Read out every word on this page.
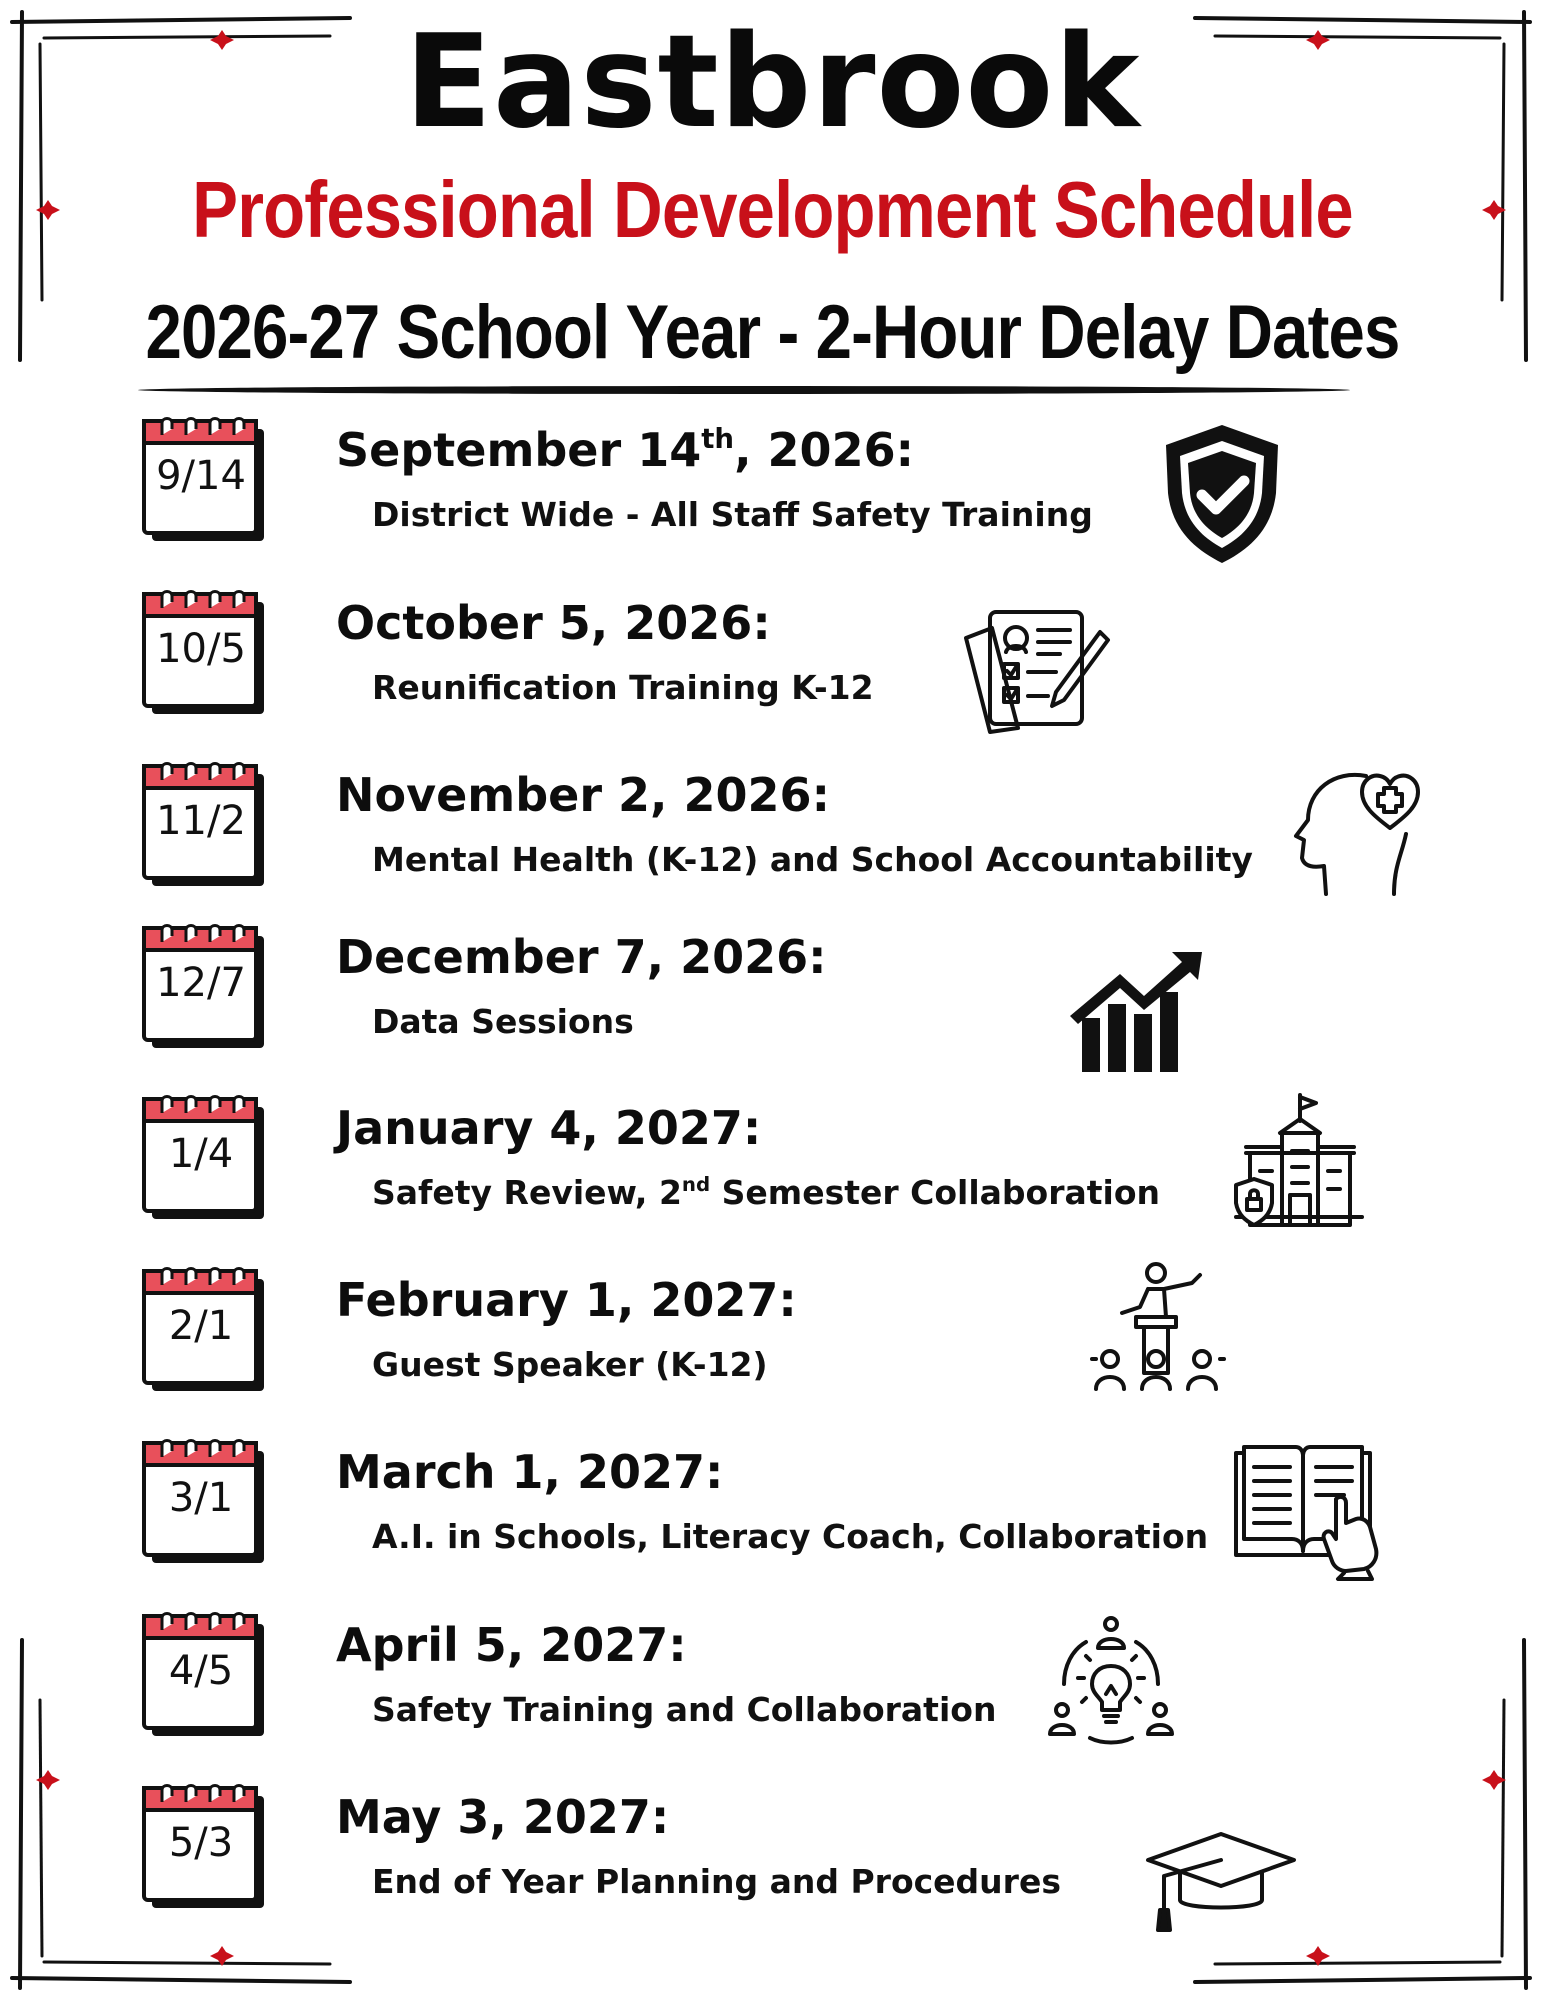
Eastbrook
Professional Development Schedule
2026-27 School Year - 2-Hour Delay Dates
9/14	September 14th, 2026:
District Wide - All Staff Safety Training
10/5	October 5, 2026:
Reunification Training K-12
11/2	November 2, 2026:
Mental Health (K-12) and School Accountability
12/7	December 7, 2026:
Data Sessions
1/4	January 4, 2027:
Safety Review, 2nd Semester Collaboration
2/1	February 1, 2027:
Guest Speaker (K-12)
3/1	March 1, 2027:
A.I. in Schools, Literacy Coach, Collaboration
4/5	April 5, 2027:
Safety Training and Collaboration
5/3	May 3, 2027:
End of Year Planning and Procedures
